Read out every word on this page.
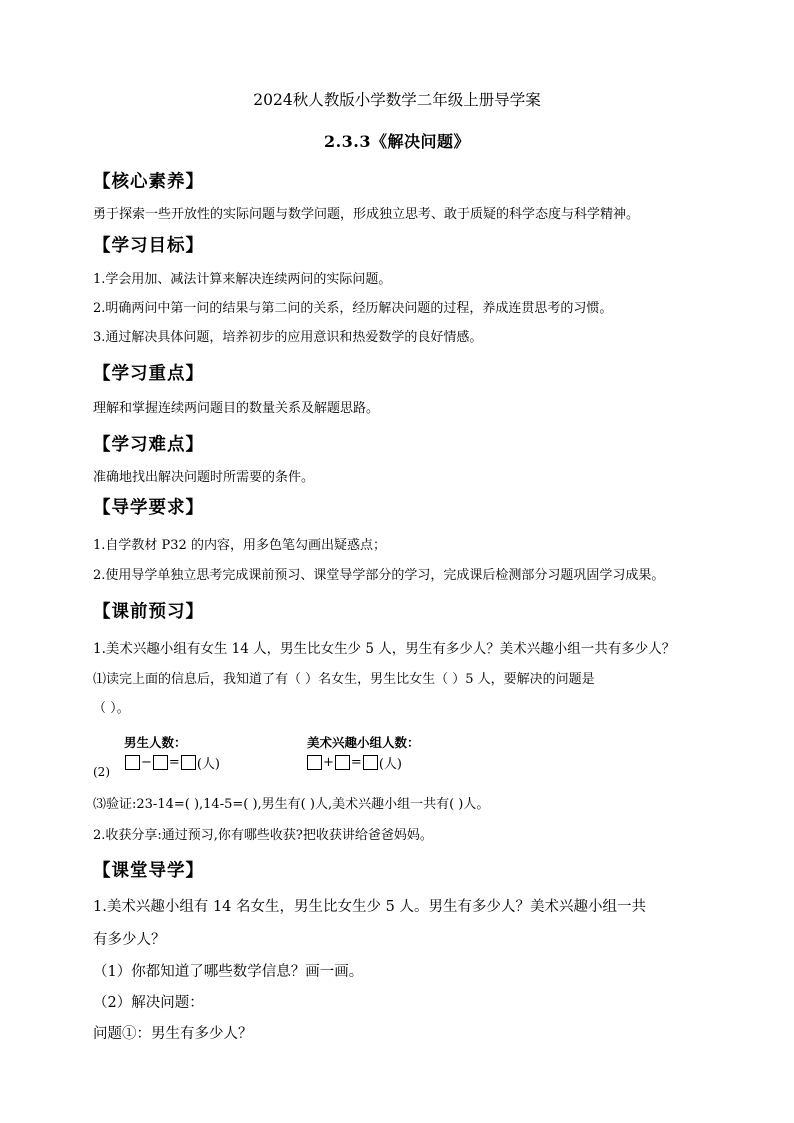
2024秋人教版小学数学二年级上册导学案
2.3.3《解决问题》
【核心素养】
勇于探索一些开放性的实际问题与数学问题，形成独立思考、敢于质疑的科学态度与科学精神。
【学习目标】
1.学会用加、减法计算来解决连续两问的实际问题。
2.明确两问中第一问的结果与第二问的关系，经历解决问题的过程，养成连贯思考的习惯。
3.通过解决具体问题，培养初步的应用意识和热爱数学的良好情感。
【学习重点】
理解和掌握连续两问题目的数量关系及解题思路。
【学习难点】
准确地找出解决问题时所需要的条件。
【导学要求】
1.自学教材 P32 的内容，用多色笔勾画出疑惑点；
2.使用导学单独立思考完成课前预习、课堂导学部分的学习，完成课后检测部分习题巩固学习成果。
【课前预习】
1.美术兴趣小组有女生 14 人，男生比女生少 5 人，男生有多少人？美术兴趣小组一共有多少人？
⑴读完上面的信息后，我知道了有（ ）名女生，男生比女生（ ）5 人，要解决的问题是
（ ）。
男生人数：	美术兴趣小组人数：
(2)
− = (人)	+ = (人)
⑶验证:23-14=( ),14-5=( ),男生有( )人,美术兴趣小组一共有( )人。
2.收获分享:通过预习,你有哪些收获?把收获讲给爸爸妈妈。
【课堂导学】
1.美术兴趣小组有 14 名女生，男生比女生少 5 人。男生有多少人？美术兴趣小组一共
有多少人？
（1）你都知道了哪些数学信息？画一画。
（2）解决问题：
问题①：男生有多少人？
